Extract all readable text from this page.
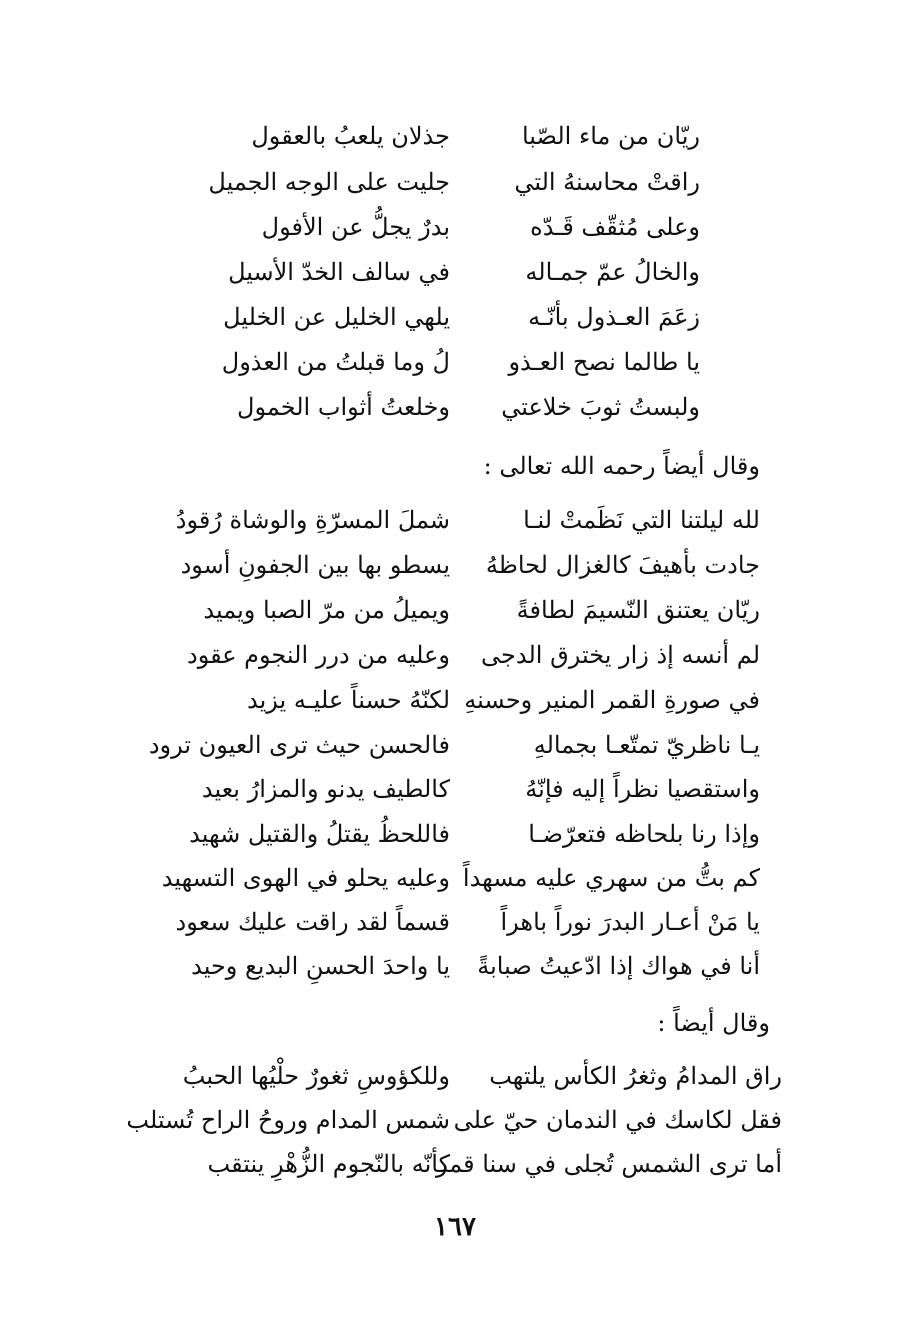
ريّان من ماء الصّبا
جذلان يلعبُ بالعقول
راقتْ محاسنهُ التي
جليت على الوجه الجميل
وعلى مُثقّف قَـدّه
بدرٌ يجلُّ عن الأفول
والخالُ عمّ جمـاله
في سالف الخدّ الأسيل
زعَمَ العـذول بأنّـه
يلهي الخليل عن الخليل
يا طالما نصح العـذو
لُ وما قبلتُ من العذول
ولبستُ ثوبَ خلاعتي
وخلعتُ أثواب الخمول
وقال أيضاً رحمه الله تعالى :
لله ليلتنا التي نَظَمتْ لنـا
شملَ المسرّةِ والوشاة رُقودُ
جادت بأهيفَ كالغزال لحاظهُ
يسطو بها بين الجفونِ أسود
ريّان يعتنق النّسيمَ لطافةً
ويميلُ من مرّ الصبا ويميد
لم أنسه إذ زار يخترق الدجى
وعليه من درر النجوم عقود
في صورةِ القمر المنير وحسنهِ
لكنّهُ حسناً عليـه يزيد
يـا ناظريّ تمتّعـا بجمالهِ
فالحسن حيث ترى العيون ترود
واستقصيا نظراً إليه فإنّهُ
كالطيف يدنو والمزارُ بعيد
وإذا رنا بلحاظه فتعرّضـا
فاللحظُ يقتلُ والقتيل شهيد
كم بتُّ من سهري عليه مسهداً
وعليه يحلو في الهوى التسهيد
يا مَنْ أعـار البدرَ نوراً باهراً
قسماً لقد راقت عليك سعود
أنا في هواك إذا ادّعيتُ صبابةً
يا واحدَ الحسنِ البديع وحيد
وقال أيضاً :
راق المدامُ وثغرُ الكأس يلتهب
وللكؤوسِ ثغورٌ حلْيُها الحببُ
فقل لكاسك في الندمان حيّ على
شمس المدام وروحُ الراح تُستلب
أما ترى الشمس تُجلى في سنا قمر
كأنّه بالنّجوم الزُّهْرِ ينتقب
١٦٧
